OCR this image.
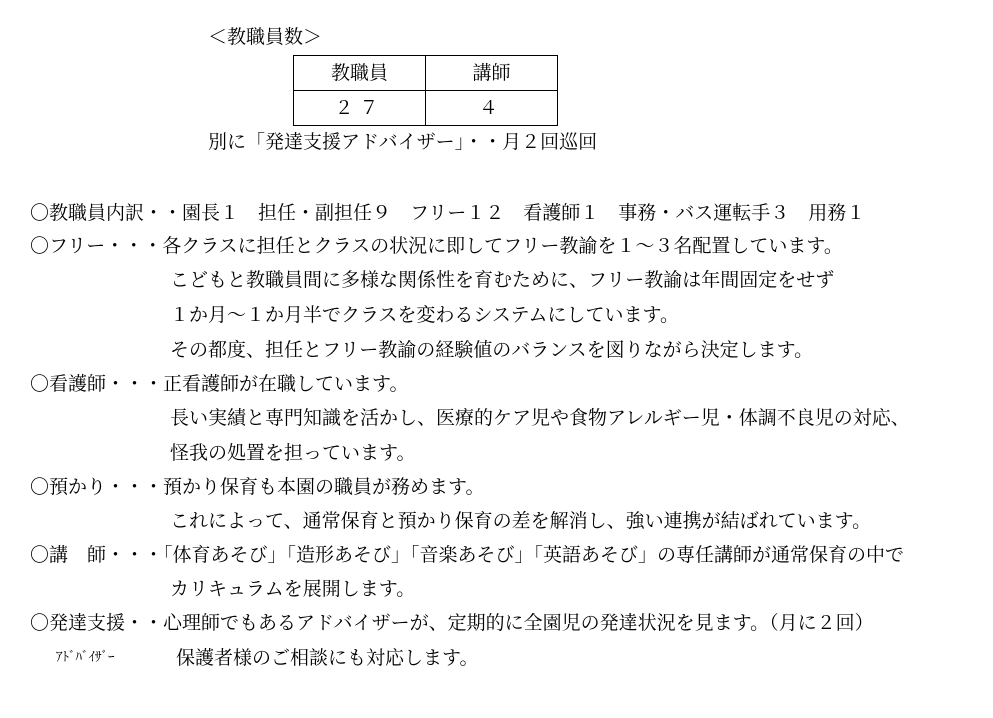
＜教職員数＞
教職員	講師
２７	４
別に「発達支援アドバイザー」・・月２回巡回
〇教職員内訳・・園長１　担任・副担任９　フリー１２　看護師１　事務・バス運転手３　用務１
〇フリー・・・各クラスに担任とクラスの状況に即してフリー教諭を１～３名配置しています。
こどもと教職員間に多様な関係性を育むために、フリー教諭は年間固定をせず
１か月～１か月半でクラスを変わるシステムにしています。
その都度、担任とフリー教諭の経験値のバランスを図りながら決定します。
〇看護師・・・正看護師が在職しています。
長い実績と専門知識を活かし、医療的ケア児や食物アレルギー児・体調不良児の対応、
怪我の処置を担っています。
〇預かり・・・預かり保育も本園の職員が務めます。
これによって、通常保育と預かり保育の差を解消し、強い連携が結ばれています。
〇講　師・・・「体育あそび」「造形あそび」「音楽あそび」「英語あそび」の専任講師が通常保育の中で
カリキュラムを展開します。
〇発達支援・・心理師でもあるアドバイザーが、定期的に全園児の発達状況を見ます。（月に２回）
ｱﾄﾞﾊﾞｲｻﾞｰ	保護者様のご相談にも対応します。
